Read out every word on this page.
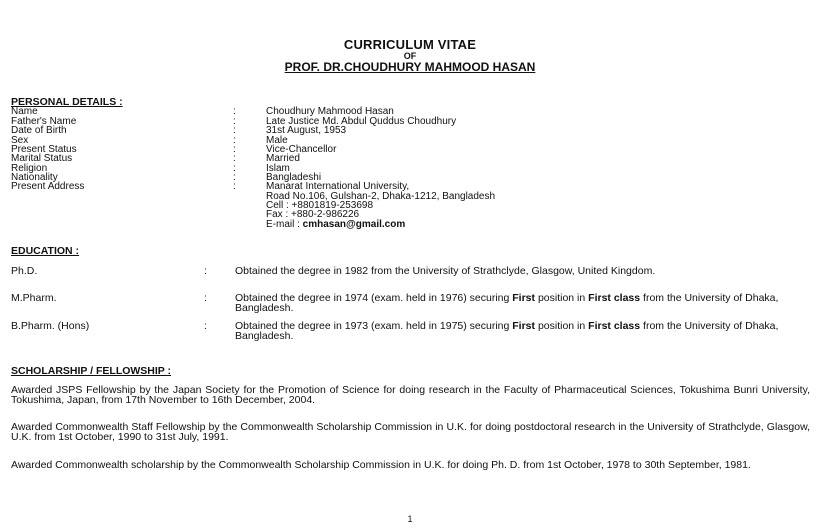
CURRICULUM VITAE
OF
PROF. DR.CHOUDHURY MAHMOOD HASAN
PERSONAL DETAILS :
Name	:	Choudhury Mahmood Hasan
Father's Name	:	Late Justice Md. Abdul Quddus Choudhury
Date of Birth	:	31st August, 1953
Sex	:	Male
Present Status	:	Vice-Chancellor
Marital Status	:	Married
Religion	:	Islam
Nationality	:	Bangladeshi
Present Address	:	Manarat International University,
Road No.106, Gulshan-2, Dhaka-1212, Bangladesh
Cell : +8801819-253698
Fax : +880-2-986226
E-mail : cmhasan@gmail.com
EDUCATION :
Ph.D.	:	Obtained the degree in 1982 from the University of Strathclyde, Glasgow, United Kingdom.
M.Pharm.	:	Obtained the degree in 1974 (exam. held in 1976) securing First position in First class from the University of Dhaka, Bangladesh.
B.Pharm. (Hons)	:	Obtained the degree in 1973 (exam. held in 1975) securing First position in First class from the University of Dhaka, Bangladesh.
SCHOLARSHIP / FELLOWSHIP :
Awarded JSPS Fellowship by the Japan Society for the Promotion of Science for doing research in the Faculty of Pharmaceutical Sciences, Tokushima Bunri University, Tokushima, Japan, from 17th November to 16th December, 2004.
Awarded Commonwealth Staff Fellowship by the Commonwealth Scholarship Commission in U.K. for doing postdoctoral research in the University of Strathclyde, Glasgow, U.K. from 1st October, 1990 to 31st July, 1991.
Awarded Commonwealth scholarship by the Commonwealth Scholarship Commission in U.K. for doing Ph. D. from 1st October, 1978 to 30th September, 1981.
1
